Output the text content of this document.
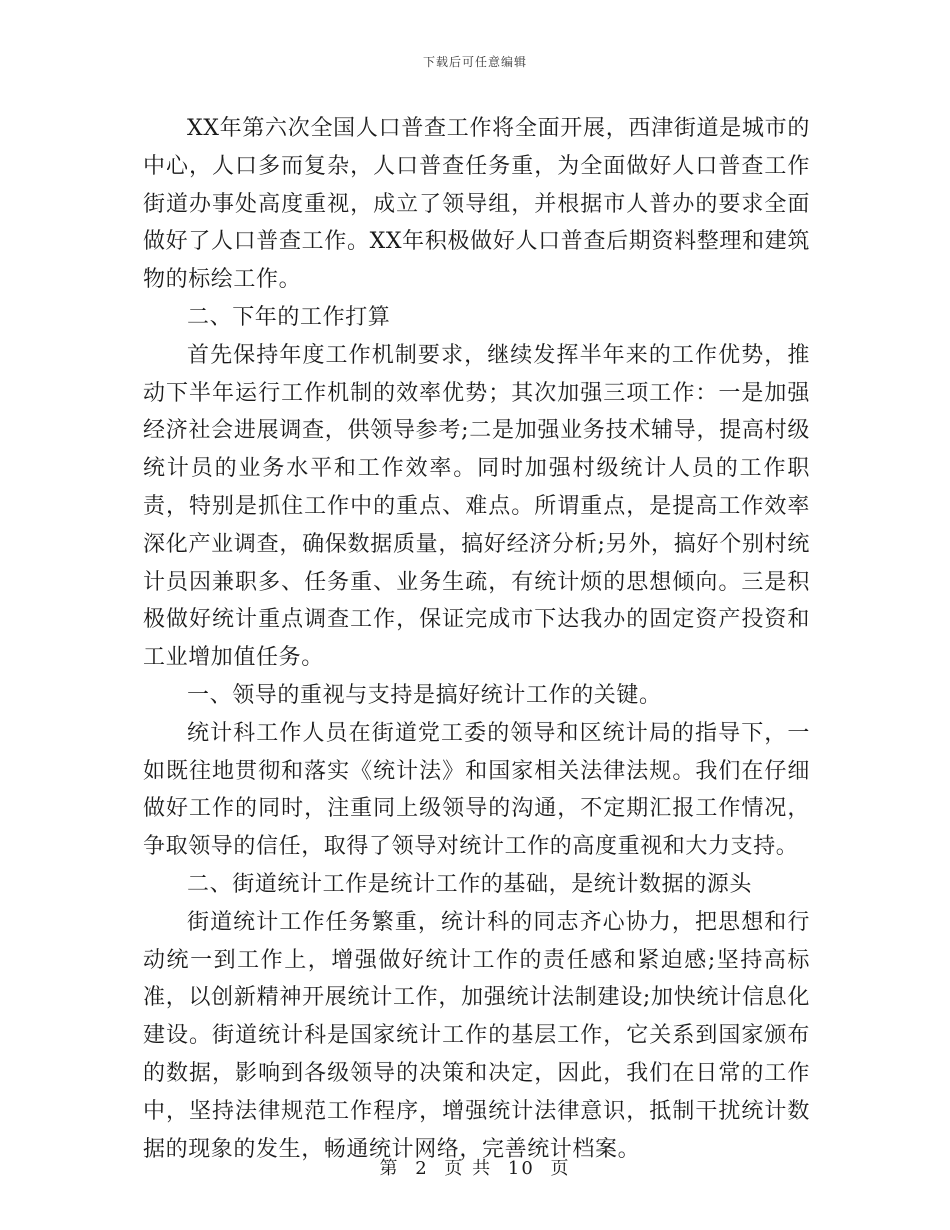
下载后可任意编辑

XX年第六次全国人口普查工作将全面开展，西津街道是城市的中心，人口多而复杂，人口普查任务重，为全面做好人口普查工作街道办事处高度重视，成立了领导组，并根据市人普办的要求全面做好了人口普查工作。XX年积极做好人口普查后期资料整理和建筑物的标绘工作。

二、下年的工作打算

首先保持年度工作机制要求，继续发挥半年来的工作优势，推动下半年运行工作机制的效率优势；其次加强三项工作：一是加强经济社会进展调查，供领导参考;二是加强业务技术辅导，提高村级统计员的业务水平和工作效率。同时加强村级统计人员的工作职责，特别是抓住工作中的重点、难点。所谓重点，是提高工作效率深化产业调查，确保数据质量，搞好经济分析;另外，搞好个别村统计员因兼职多、任务重、业务生疏，有统计烦的思想倾向。三是积极做好统计重点调查工作，保证完成市下达我办的固定资产投资和工业增加值任务。

一、领导的重视与支持是搞好统计工作的关键。

统计科工作人员在街道党工委的领导和区统计局的指导下，一如既往地贯彻和落实《统计法》和国家相关法律法规。我们在仔细做好工作的同时，注重同上级领导的沟通，不定期汇报工作情况，争取领导的信任，取得了领导对统计工作的高度重视和大力支持。

二、街道统计工作是统计工作的基础，是统计数据的源头

街道统计工作任务繁重，统计科的同志齐心协力，把思想和行动统一到工作上，增强做好统计工作的责任感和紧迫感;坚持高标准，以创新精神开展统计工作，加强统计法制建设;加快统计信息化建设。街道统计科是国家统计工作的基层工作，它关系到国家颁布的数据，影响到各级领导的决策和决定，因此，我们在日常的工作中，坚持法律规范工作程序，增强统计法律意识，抵制干扰统计数据的现象的发生，畅通统计网络，完善统计档案。

第 2 页 共 10 页
